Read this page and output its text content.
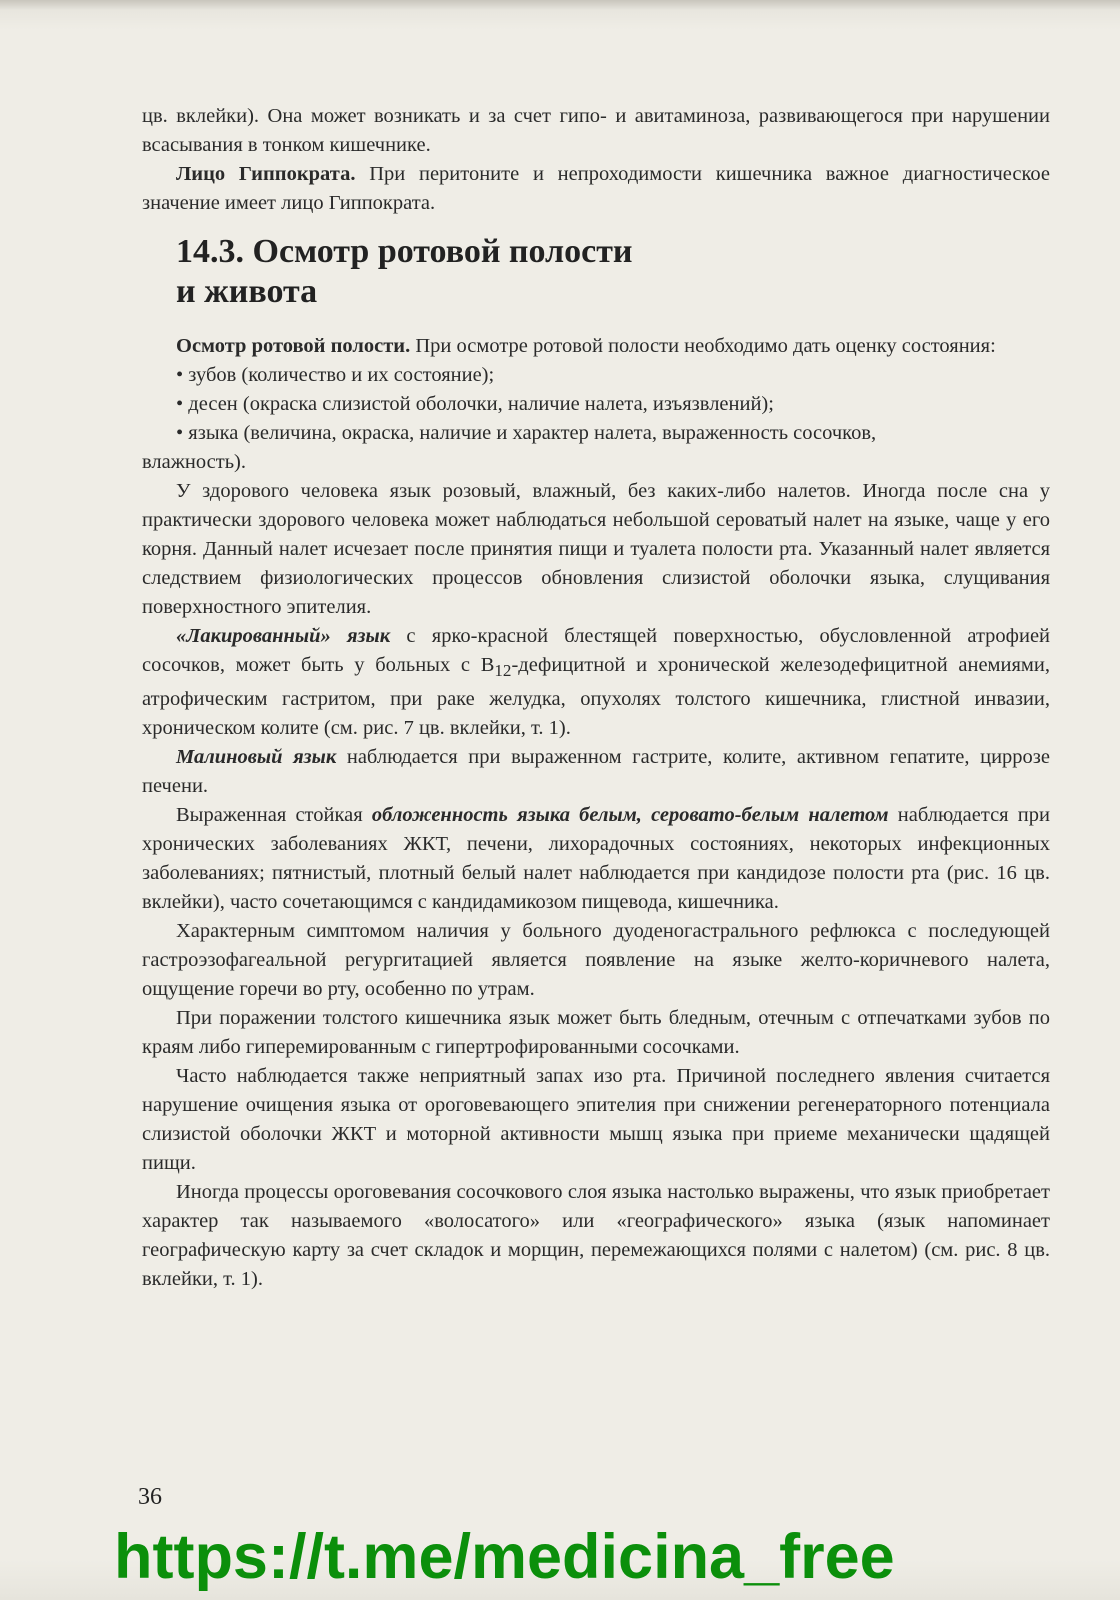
цв. вклейки). Она может возникать и за счет гипо- и авитаминоза, развивающегося при нарушении всасывания в тонком кишечнике.

Лицо Гиппократа. При перитоните и непроходимости кишечника важное диагностическое значение имеет лицо Гиппократа.

14.3. Осмотр ротовой полости
и живота

Осмотр ротовой полости. При осмотре ротовой полости необходимо дать оценку состояния:

• зубов (количество и их состояние);

• десен (окраска слизистой оболочки, наличие налета, изъязвлений);

• языка (величина, окраска, наличие и характер налета, выраженность сосочков,

влажность).

У здорового человека язык розовый, влажный, без каких-либо налетов. Иногда после сна у практически здорового человека может наблюдаться небольшой сероватый налет на языке, чаще у его корня. Данный налет исчезает после принятия пищи и туалета полости рта. Указанный налет является следствием физиологических процессов обновления слизистой оболочки языка, слущивания поверхностного эпителия.

«Лакированный» язык с ярко-красной блестящей поверхностью, обусловленной атрофией сосочков, может быть у больных с $B_{12}$-дефицитной и хронической железодефицитной анемиями, атрофическим гастритом, при раке желудка, опухолях толстого кишечника, глистной инвазии, хроническом колите (см. рис. 7 цв. вклейки, т. 1).

Малиновый язык наблюдается при выраженном гастрите, колите, активном гепатите, циррозе печени.

Выраженная стойкая обложенность языка белым, серовато-белым налетом наблюдается при хронических заболеваниях ЖКТ, печени, лихорадочных состояниях, некоторых инфекционных заболеваниях; пятнистый, плотный белый налет наблюдается при кандидозе полости рта (рис. 16 цв. вклейки), часто сочетающимся с кандидамикозом пищевода, кишечника.

Характерным симптомом наличия у больного дуоденогастрального рефлюкса с последующей гастроэзофагеальной регургитацией является появление на языке желто-коричневого налета, ощущение горечи во рту, особенно по утрам.

При поражении толстого кишечника язык может быть бледным, отечным с отпечатками зубов по краям либо гиперемированным с гипертрофированными сосочками.

Часто наблюдается также неприятный запах изо рта. Причиной последнего явления считается нарушение очищения языка от ороговевающего эпителия при снижении регенераторного потенциала слизистой оболочки ЖКТ и моторной активности мышц языка при приеме механически щадящей пищи.

Иногда процессы ороговевания сосочкового слоя языка настолько выражены, что язык приобретает характер так называемого «волосатого» или «географического» языка (язык напоминает географическую карту за счет складок и морщин, перемежающихся полями с налетом) (см. рис. 8 цв. вклейки, т. 1).

36
https://t.me/medicina_free
